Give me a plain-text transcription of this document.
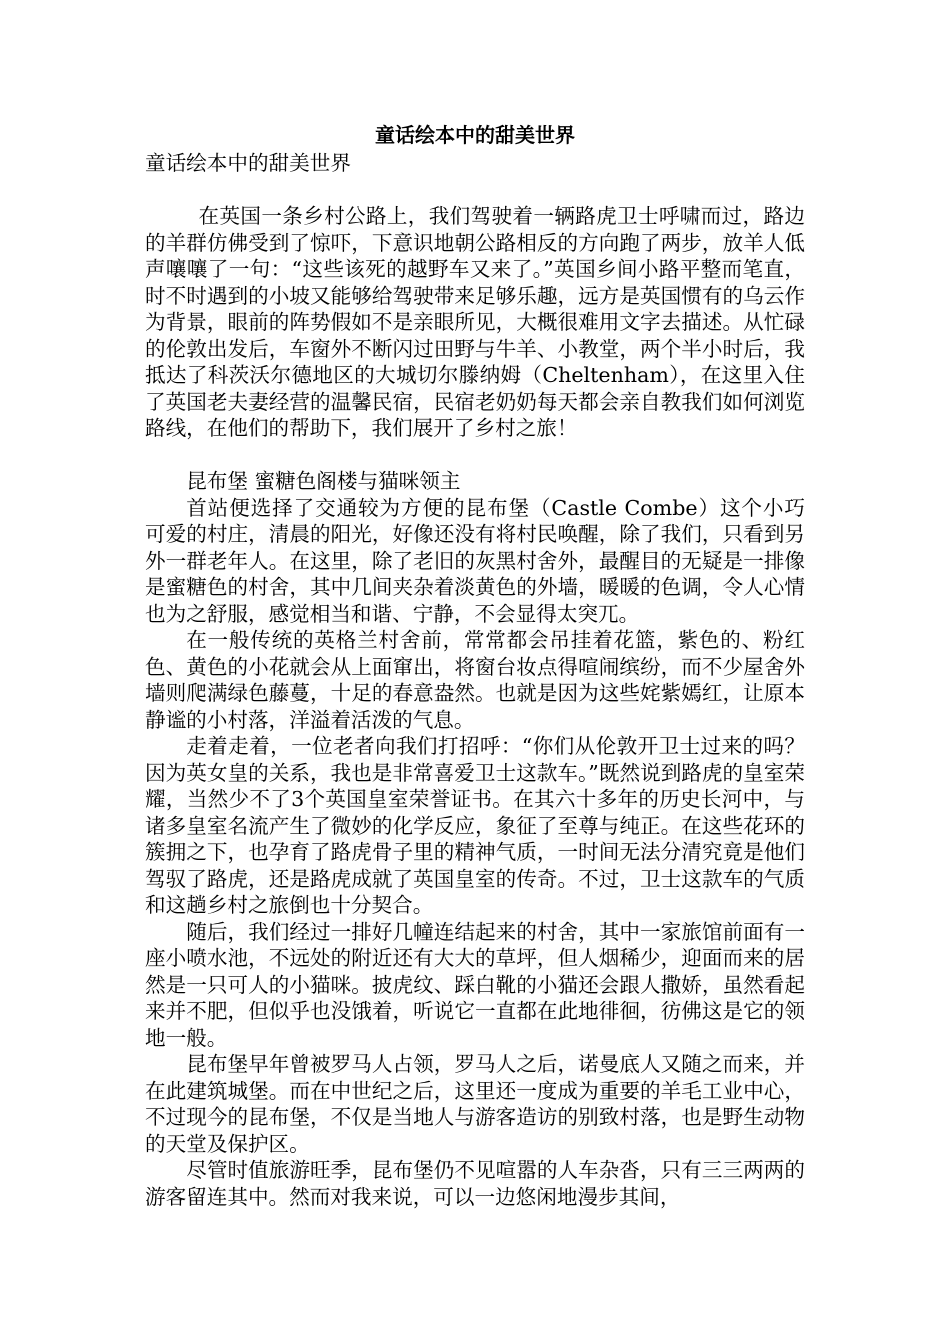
童话绘本中的甜美世界
童话绘本中的甜美世界

在英国一条乡村公路上，我们驾驶着一辆路虎卫士呼啸而过，路边的羊群仿佛受到了惊吓，下意识地朝公路相反的方向跑了两步，放羊人低声嚷嚷了一句：“这些该死的越野车又来了。”英国乡间小路平整而笔直，时不时遇到的小坡又能够给驾驶带来足够乐趣，远方是英国惯有的乌云作为背景，眼前的阵势假如不是亲眼所见，大概很难用文字去描述。从忙碌的伦敦出发后，车窗外不断闪过田野与牛羊、小教堂，两个半小时后，我抵达了科茨沃尔德地区的大城切尔滕纳姆（Cheltenham），在这里入住了英国老夫妻经营的温馨民宿，民宿老奶奶每天都会亲自教我们如何浏览路线，在他们的帮助下，我们展开了乡村之旅！

昆布堡 蜜糖色阁楼与猫咪领主

首站便选择了交通较为方便的昆布堡（Castle Combe）这个小巧可爱的村庄，清晨的阳光，好像还没有将村民唤醒，除了我们，只看到另外一群老年人。在这里，除了老旧的灰黑村舍外，最醒目的无疑是一排像是蜜糖色的村舍，其中几间夹杂着淡黄色的外墙，暖暖的色调，令人心情也为之舒服，感觉相当和谐、宁静，不会显得太突兀。

在一般传统的英格兰村舍前，常常都会吊挂着花篮，紫色的、粉红色、黄色的小花就会从上面窜出，将窗台妆点得喧闹缤纷，而不少屋舍外墙则爬满绿色藤蔓，十足的春意盎然。也就是因为这些姹紫嫣红，让原本静谧的小村落，洋溢着活泼的气息。

走着走着，一位老者向我们打招呼：“你们从伦敦开卫士过来的吗？因为英女皇的关系，我也是非常喜爱卫士这款车。”既然说到路虎的皇室荣耀，当然少不了3个英国皇室荣誉证书。在其六十多年的历史长河中，与诸多皇室名流产生了微妙的化学反应，象征了至尊与纯正。在这些花环的簇拥之下，也孕育了路虎骨子里的精神气质，一时间无法分清究竟是他们驾驭了路虎，还是路虎成就了英国皇室的传奇。不过，卫士这款车的气质和这趟乡村之旅倒也十分契合。

随后，我们经过一排好几幢连结起来的村舍，其中一家旅馆前面有一座小喷水池，不远处的附近还有大大的草坪，但人烟稀少，迎面而来的居然是一只可人的小猫咪。披虎纹、踩白靴的小猫还会跟人撒娇，虽然看起来并不肥，但似乎也没饿着，听说它一直都在此地徘徊，彷佛这是它的领地一般。

昆布堡早年曾被罗马人占领，罗马人之后，诺曼底人又随之而来，并在此建筑城堡。而在中世纪之后，这里还一度成为重要的羊毛工业中心，不过现今的昆布堡，不仅是当地人与游客造访的别致村落，也是野生动物的天堂及保护区。

尽管时值旅游旺季，昆布堡仍不见喧嚣的人车杂沓，只有三三两两的游客留连其中。然而对我来说，可以一边悠闲地漫步其间，
